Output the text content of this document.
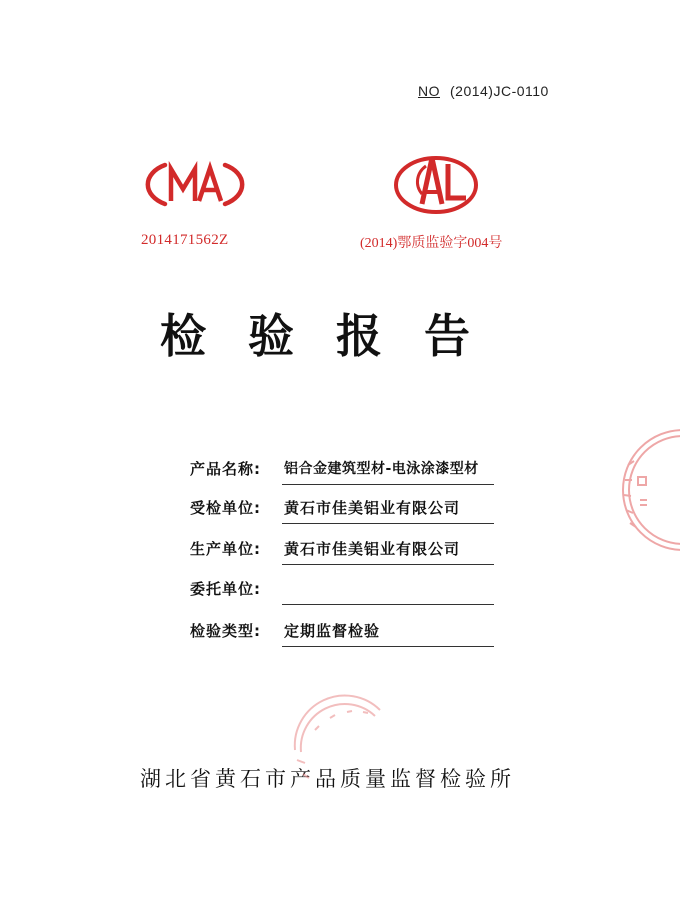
NO (2014)JC-0110
2014171562Z	(2014)鄂质监验字004号
检验报告
产品名称: 铝合金建筑型材-电泳涂漆型材
受检单位: 黄石市佳美铝业有限公司
生产单位: 黄石市佳美铝业有限公司
委托单位:
检验类型: 定期监督检验
湖北省黄石市产品质量监督检验所
